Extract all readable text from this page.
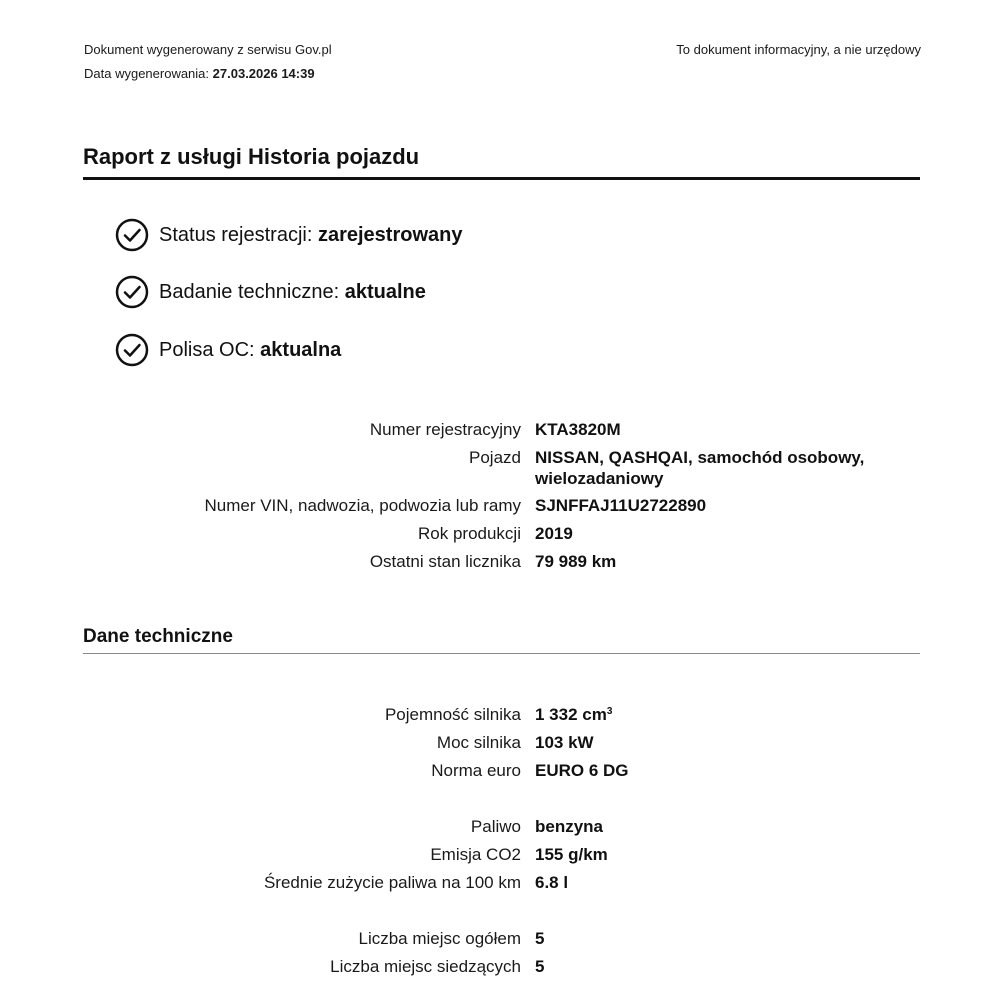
Dokument wygenerowany z serwisu Gov.pl
Data wygenerowania: 27.03.2026 14:39
To dokument informacyjny, a nie urzędowy
Raport z usługi Historia pojazdu
Status rejestracji:
zarejestrowany
Badanie techniczne:
aktualne
Polisa OC:
aktualna
Numer rejestracyjny KTA3820M
Pojazd NISSAN, QASHQAI, samochód osobowy, wielozadaniowy
Numer VIN, nadwozia, podwozia lub ramy SJNFFAJ11U2722890
Rok produkcji 2019
Ostatni stan licznika 79 989 km
Dane techniczne
Pojemność silnika 1 332 $cm^3$
Moc silnika 103 kW
Norma euro EURO 6 DG
Paliwo benzyna
Emisja CO2 155 g/km
Średnie zużycie paliwa na 100 km 6.8 l
Liczba miejsc ogółem 5
Liczba miejsc siedzących 5
